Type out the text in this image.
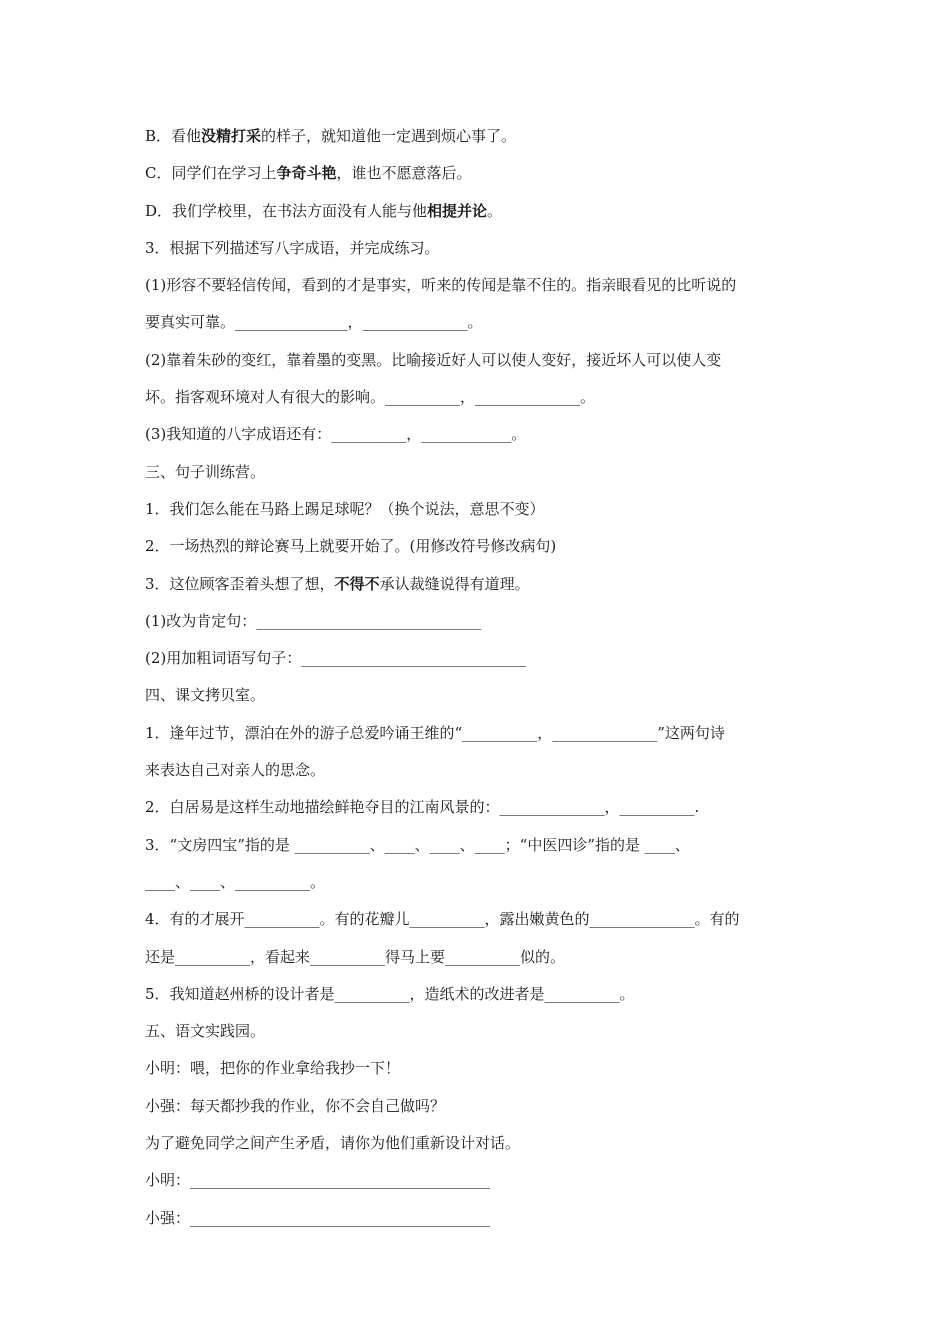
B．看他没精打采的样子，就知道他一定遇到烦心事了。
C．同学们在学习上争奇斗艳，谁也不愿意落后。
D．我们学校里，在书法方面没有人能与他相提并论。
3．根据下列描述写八字成语，并完成练习。
(1)形容不要轻信传闻，看到的才是事实，听来的传闻是靠不住的。指亲眼看见的比听说的
要真实可靠。_______________，______________。
(2)靠着朱砂的变红，靠着墨的变黑。比喻接近好人可以使人变好，接近坏人可以使人变
坏。指客观环境对人有很大的影响。__________，______________。
(3)我知道的八字成语还有：__________，____________。
三、句子训练营。
1．我们怎么能在马路上踢足球呢？（换个说法，意思不变）
2．一场热烈的辩论赛马上就要开始了。(用修改符号修改病句)
3．这位顾客歪着头想了想，不得不承认裁缝说得有道理。
(1)改为肯定句：______________________________
(2)用加粗词语写句子：______________________________
四、课文拷贝室。
1．逢年过节，漂泊在外的游子总爱吟诵王维的“__________，______________”这两句诗
来表达自己对亲人的思念。
2．白居易是这样生动地描绘鲜艳夺目的江南风景的：______________，__________.
3．“文房四宝”指的是 __________、____、____、____；“中医四诊”指的是 ____、
____、____、__________。
4．有的才展开__________。有的花瓣儿__________，露出嫩黄色的______________。有的
还是__________，看起来__________得马上要__________似的。
5．我知道赵州桥的设计者是__________，造纸术的改进者是__________。
五、语文实践园。
小明：喂，把你的作业拿给我抄一下！
小强：每天都抄我的作业，你不会自己做吗？
为了避免同学之间产生矛盾，请你为他们重新设计对话。
小明：________________________________________
小强：________________________________________
